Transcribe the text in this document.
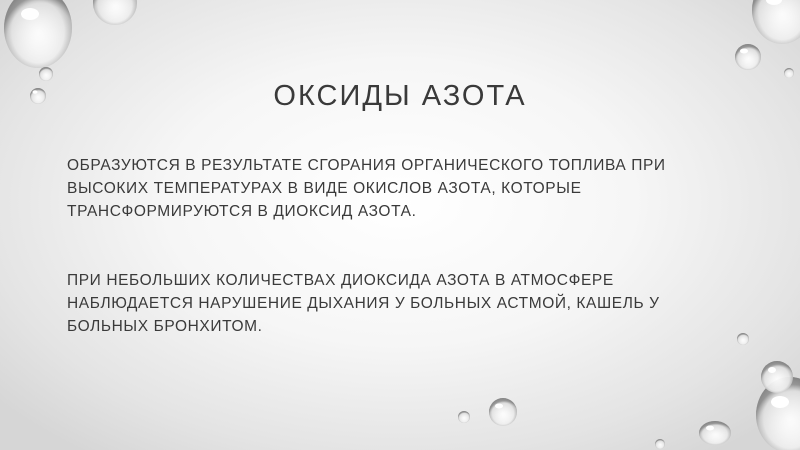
ОКСИДЫ АЗОТА

ОБРАЗУЮТСЯ В РЕЗУЛЬТАТЕ СГОРАНИЯ ОРГАНИЧЕСКОГО ТОПЛИВА ПРИ ВЫСОКИХ ТЕМПЕРАТУРАХ В ВИДЕ ОКИСЛОВ АЗОТА, КОТОРЫЕ ТРАНСФОРМИРУЮТСЯ В ДИОКСИД АЗОТА.

ПРИ НЕБОЛЬШИХ КОЛИЧЕСТВАХ ДИОКСИДА АЗОТА В АТМОСФЕРЕ НАБЛЮДАЕТСЯ НАРУШЕНИЕ ДЫХАНИЯ У БОЛЬНЫХ АСТМОЙ, КАШЕЛЬ У БОЛЬНЫХ БРОНХИТОМ.
